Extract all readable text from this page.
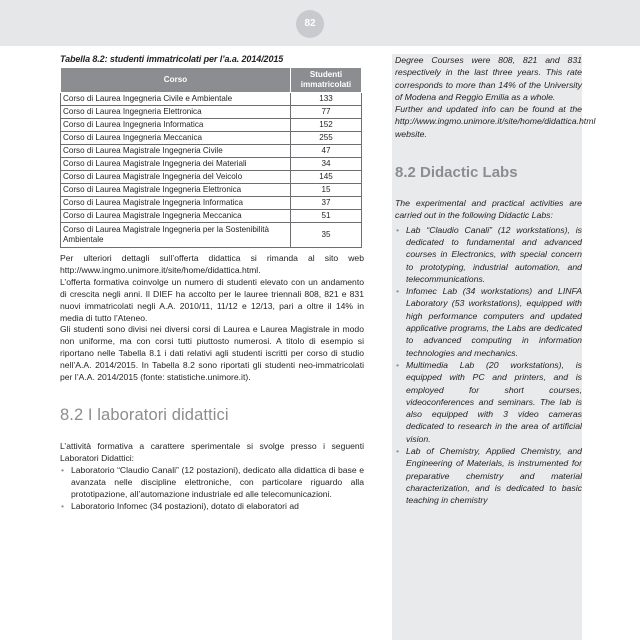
82
Tabella 8.2: studenti immatricolati per l’a.a. 2014/2015
Corso	Studenti immatricolati
Corso di Laurea Ingegneria Civile e Ambientale	133
Corso di Laurea Ingegneria Elettronica	77
Corso di Laurea Ingegneria Informatica	152
Corso di Laurea Ingegneria Meccanica	255
Corso di Laurea Magistrale Ingegneria Civile	47
Corso di Laurea Magistrale Ingegneria dei Materiali	34
Corso di Laurea Magistrale Ingegneria del Veicolo	145
Corso di Laurea Magistrale Ingegneria Elettronica	15
Corso di Laurea Magistrale Ingegneria Informatica	37
Corso di Laurea Magistrale Ingegneria Meccanica	51
Corso di Laurea Magistrale Ingegneria per la Sostenibilità Ambientale	35

Per ulteriori dettagli sull’offerta didattica si rimanda al sito web http://www.ingmo.unimore.it/site/home/didattica.html.

L’offerta formativa coinvolge un numero di studenti elevato con un andamento di crescita negli anni. Il DIEF ha accolto per le lauree triennali 808, 821 e 831 nuovi immatricolati negli A.A. 2010/11, 11/12 e 12/13, pari a oltre il 14% in media di tutto l’Ateneo.

Gli studenti sono divisi nei diversi corsi di Laurea e Laurea Magistrale in modo non uniforme, ma con corsi tutti piuttosto numerosi. A titolo di esempio si riportano nelle Tabella 8.1 i dati relativi agli studenti iscritti per corso di studio nell’A.A. 2014/2015. In Tabella 8.2 sono riportati gli studenti neo-immatricolati per l’A.A. 2014/2015 (fonte: statistiche.unimore.it).

8.2 I laboratori didattici

L’attività formativa a carattere sperimentale si svolge presso i seguenti Laboratori Didattici:

• Laboratorio “Claudio Canali” (12 postazioni), dedicato alla didattica di base e avanzata nelle discipline elettroniche, con particolare riguardo alla prototipazione, all’automazione industriale ed alle telecomunicazioni.
• Laboratorio Infomec (34 postazioni), dotato di elaboratori ad

Degree Courses were 808, 821 and 831 respectively in the last three years. This rate corresponds to more than 14% of the University of Modena and Reggio Emilia as a whole.

Further and updated info can be found at the http://www.ingmo.unimore.it/site/home/didattica.html website.

8.2 Didactic Labs

The experimental and practical activities are carried out in the following Didactic Labs:

• Lab “Claudio Canali” (12 workstations), is dedicated to fundamental and advanced courses in Electronics, with special concern to prototyping, industrial automation, and telecommunications.
• Infomec Lab (34 workstations) and LINFA Laboratory (53 workstations), equipped with high performance computers and updated applicative programs, the Labs are dedicated to advanced computing in information technologies and mechanics.
• Multimedia Lab (20 workstations), is equipped with PC and printers, and is employed for short courses, videoconferences and seminars. The lab is also equipped with 3 video cameras dedicated to research in the area of artificial vision.
• Lab of Chemistry, Applied Chemistry, and Engineering of Materials, is instrumented for preparative chemistry and material characterization, and is dedicated to basic teaching in chemistry
